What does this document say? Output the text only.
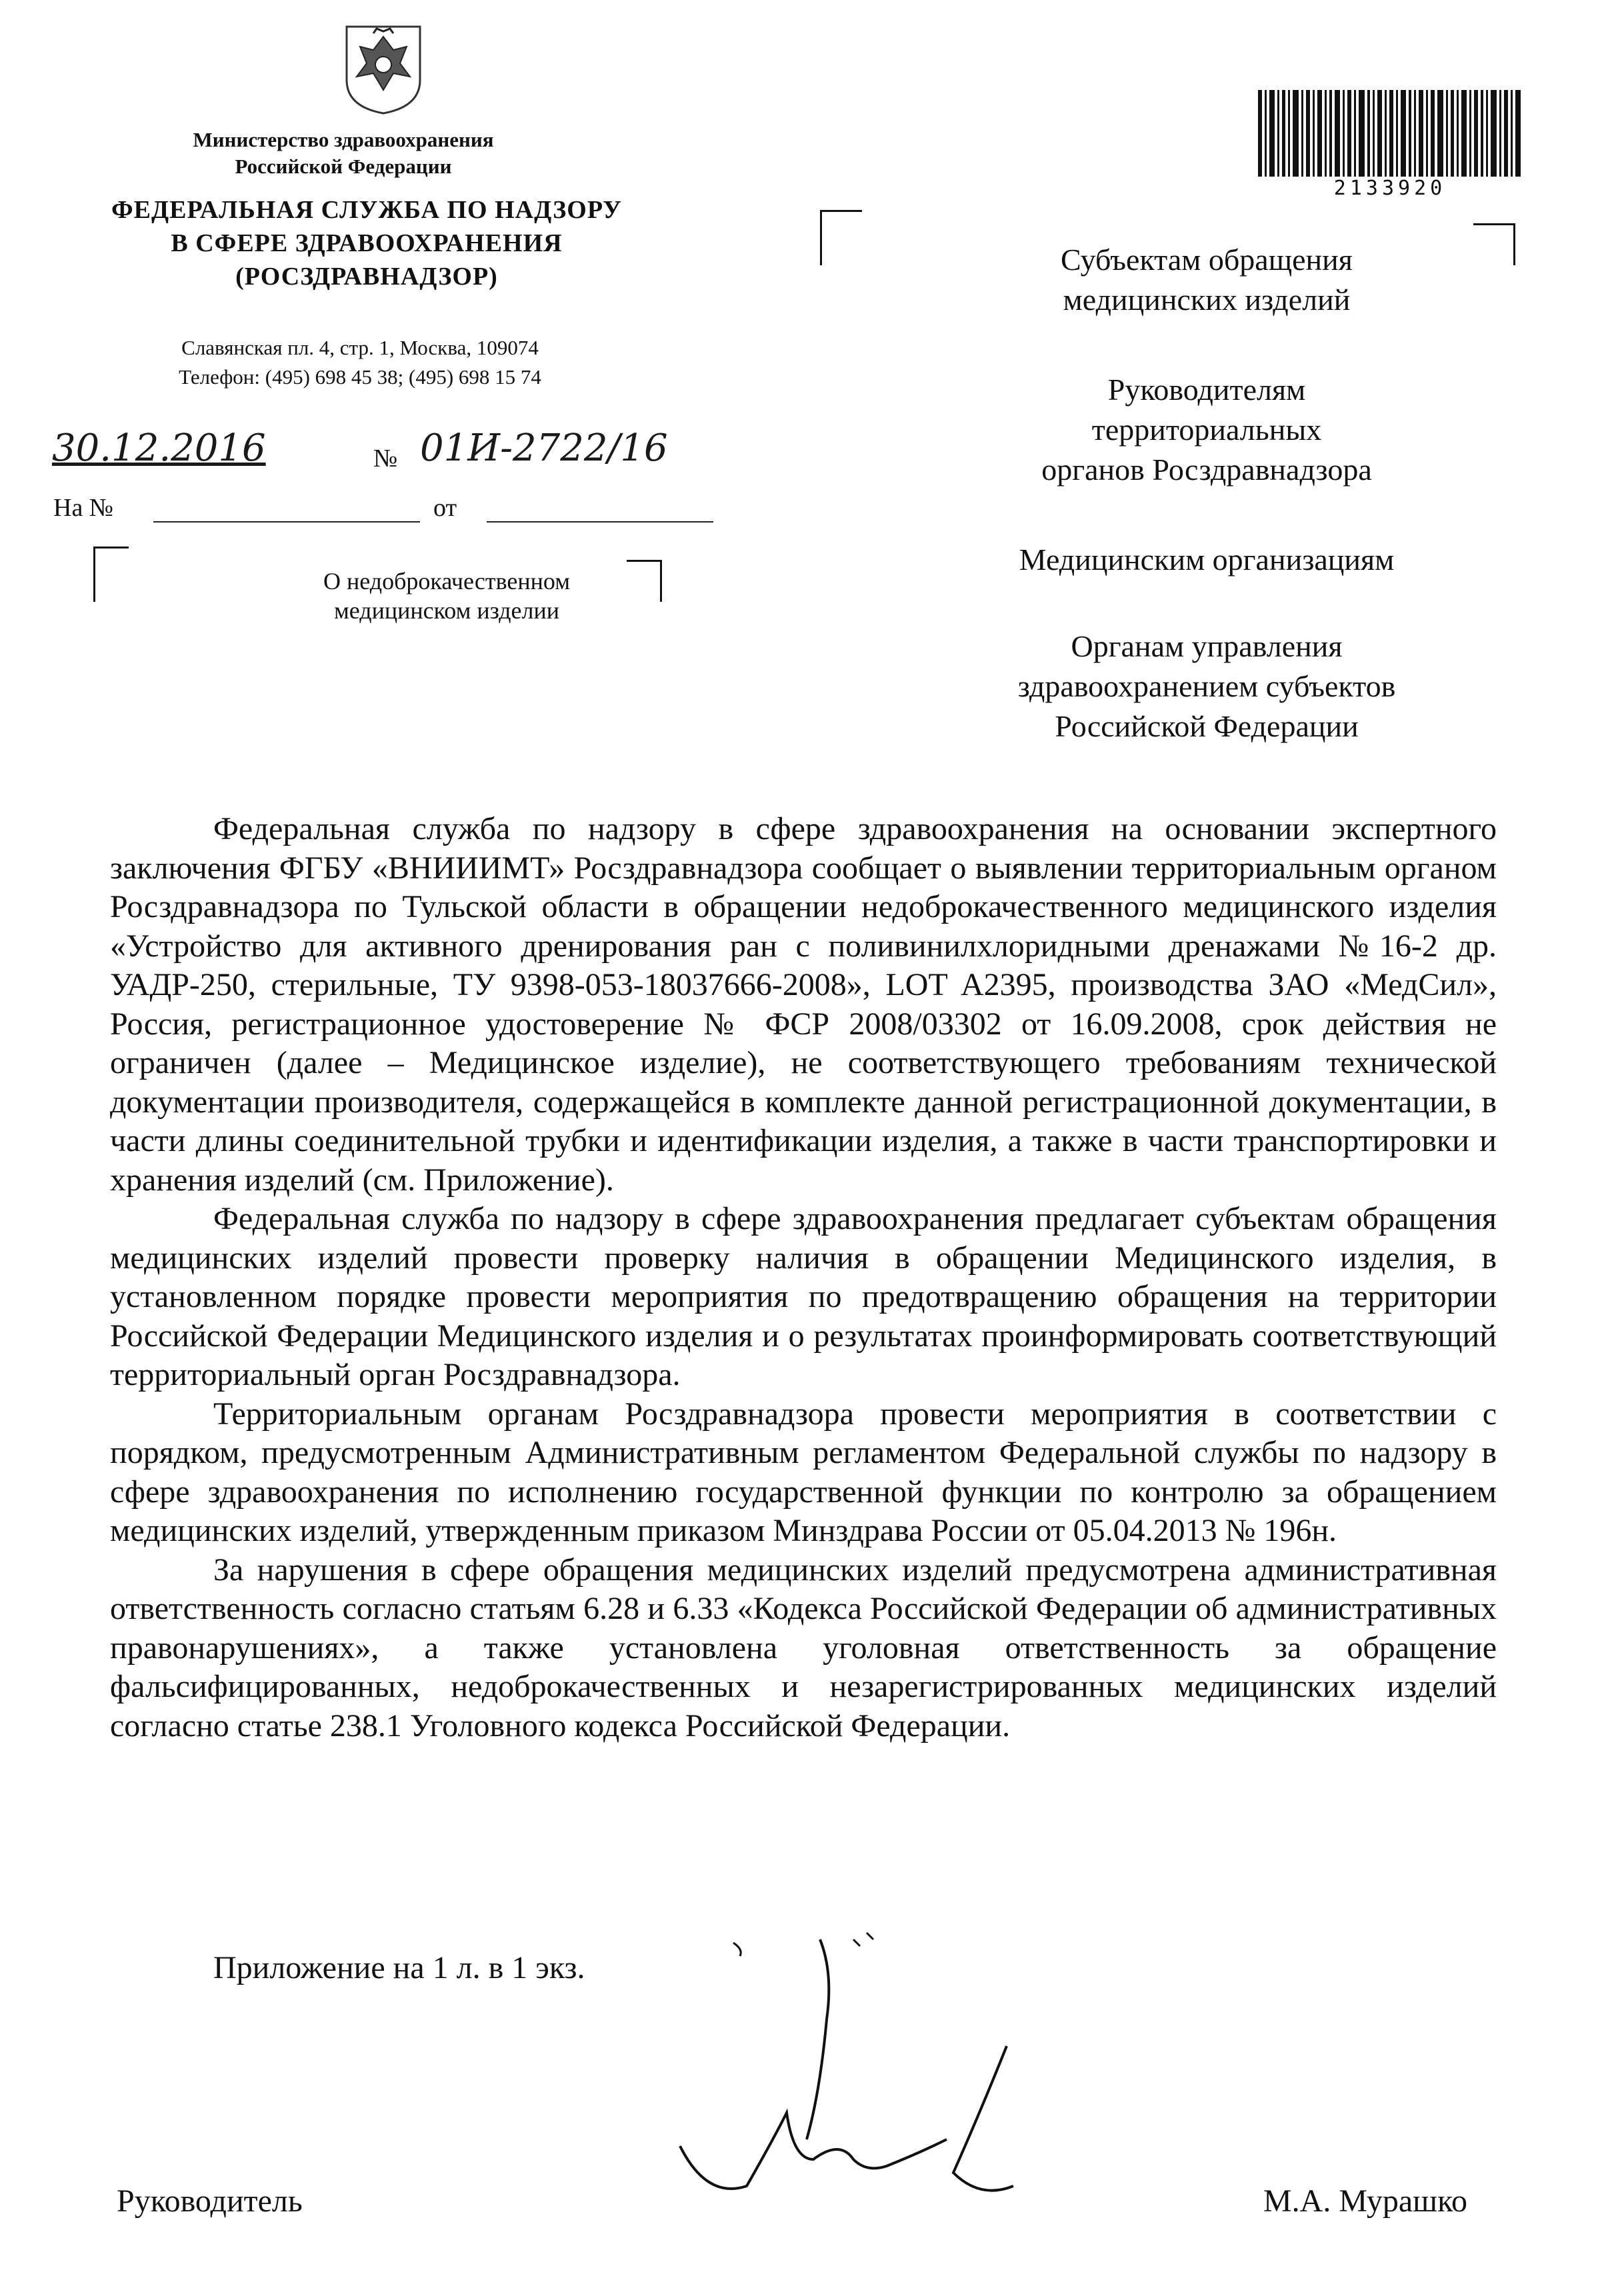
Министерство здравоохранения
Российской Федерации
ФЕДЕРАЛЬНАЯ СЛУЖБА ПО НАДЗОРУ
В СФЕРЕ ЗДРАВООХРАНЕНИЯ
(РОСЗДРАВНАДЗОР)
Славянская пл. 4, стр. 1, Москва, 109074
Телефон: (495) 698 45 38; (495) 698 15 74
30.12.2016	№ 01И-2722/16
На №	от
О недоброкачественном
медицинском изделии
2133920
Субъектам обращения
медицинских изделий
Руководителям
территориальных
органов Росздравнадзора
Медицинским организациям
Органам управления
здравоохранением субъектов
Российской Федерации

Федеральная служба по надзору в сфере здравоохранения на основании экспертного заключения ФГБУ «ВНИИИМТ» Росздравнадзора сообщает о выявлении территориальным органом Росздравнадзора по Тульской области в обращении недоброкачественного медицинского изделия «Устройство для активного дренирования ран с поливинилхлоридными дренажами №16-2 др. УАДР-250, стерильные, ТУ 9398-053-18037666-2008», LOT A2395, производства ЗАО «МедСил», Россия, регистрационное удостоверение № ФСР 2008/03302 от 16.09.2008, срок действия не ограничен (далее – Медицинское изделие), не соответствующего требованиям технической документации производителя, содержащейся в комплекте данной регистрационной документации, в части длины соединительной трубки и идентификации изделия, а также в части транспортировки и хранения изделий (см. Приложение).

Федеральная служба по надзору в сфере здравоохранения предлагает субъектам обращения медицинских изделий провести проверку наличия в обращении Медицинского изделия, в установленном порядке провести мероприятия по предотвращению обращения на территории Российской Федерации Медицинского изделия и о результатах проинформировать соответствующий территориальный орган Росздравнадзора.

Территориальным органам Росздравнадзора провести мероприятия в соответствии с порядком, предусмотренным Административным регламентом Федеральной службы по надзору в сфере здравоохранения по исполнению государственной функции по контролю за обращением медицинских изделий, утвержденным приказом Минздрава России от 05.04.2013 № 196н.

За нарушения в сфере обращения медицинских изделий предусмотрена административная ответственность согласно статьям 6.28 и 6.33 «Кодекса Российской Федерации об административных правонарушениях», а также установлена уголовная ответственность за обращение фальсифицированных, недоброкачественных и незарегистрированных медицинских изделий согласно статье 238.1 Уголовного кодекса Российской Федерации.

Приложение на 1 л. в 1 экз.
Руководитель	М.А. Мурашко
